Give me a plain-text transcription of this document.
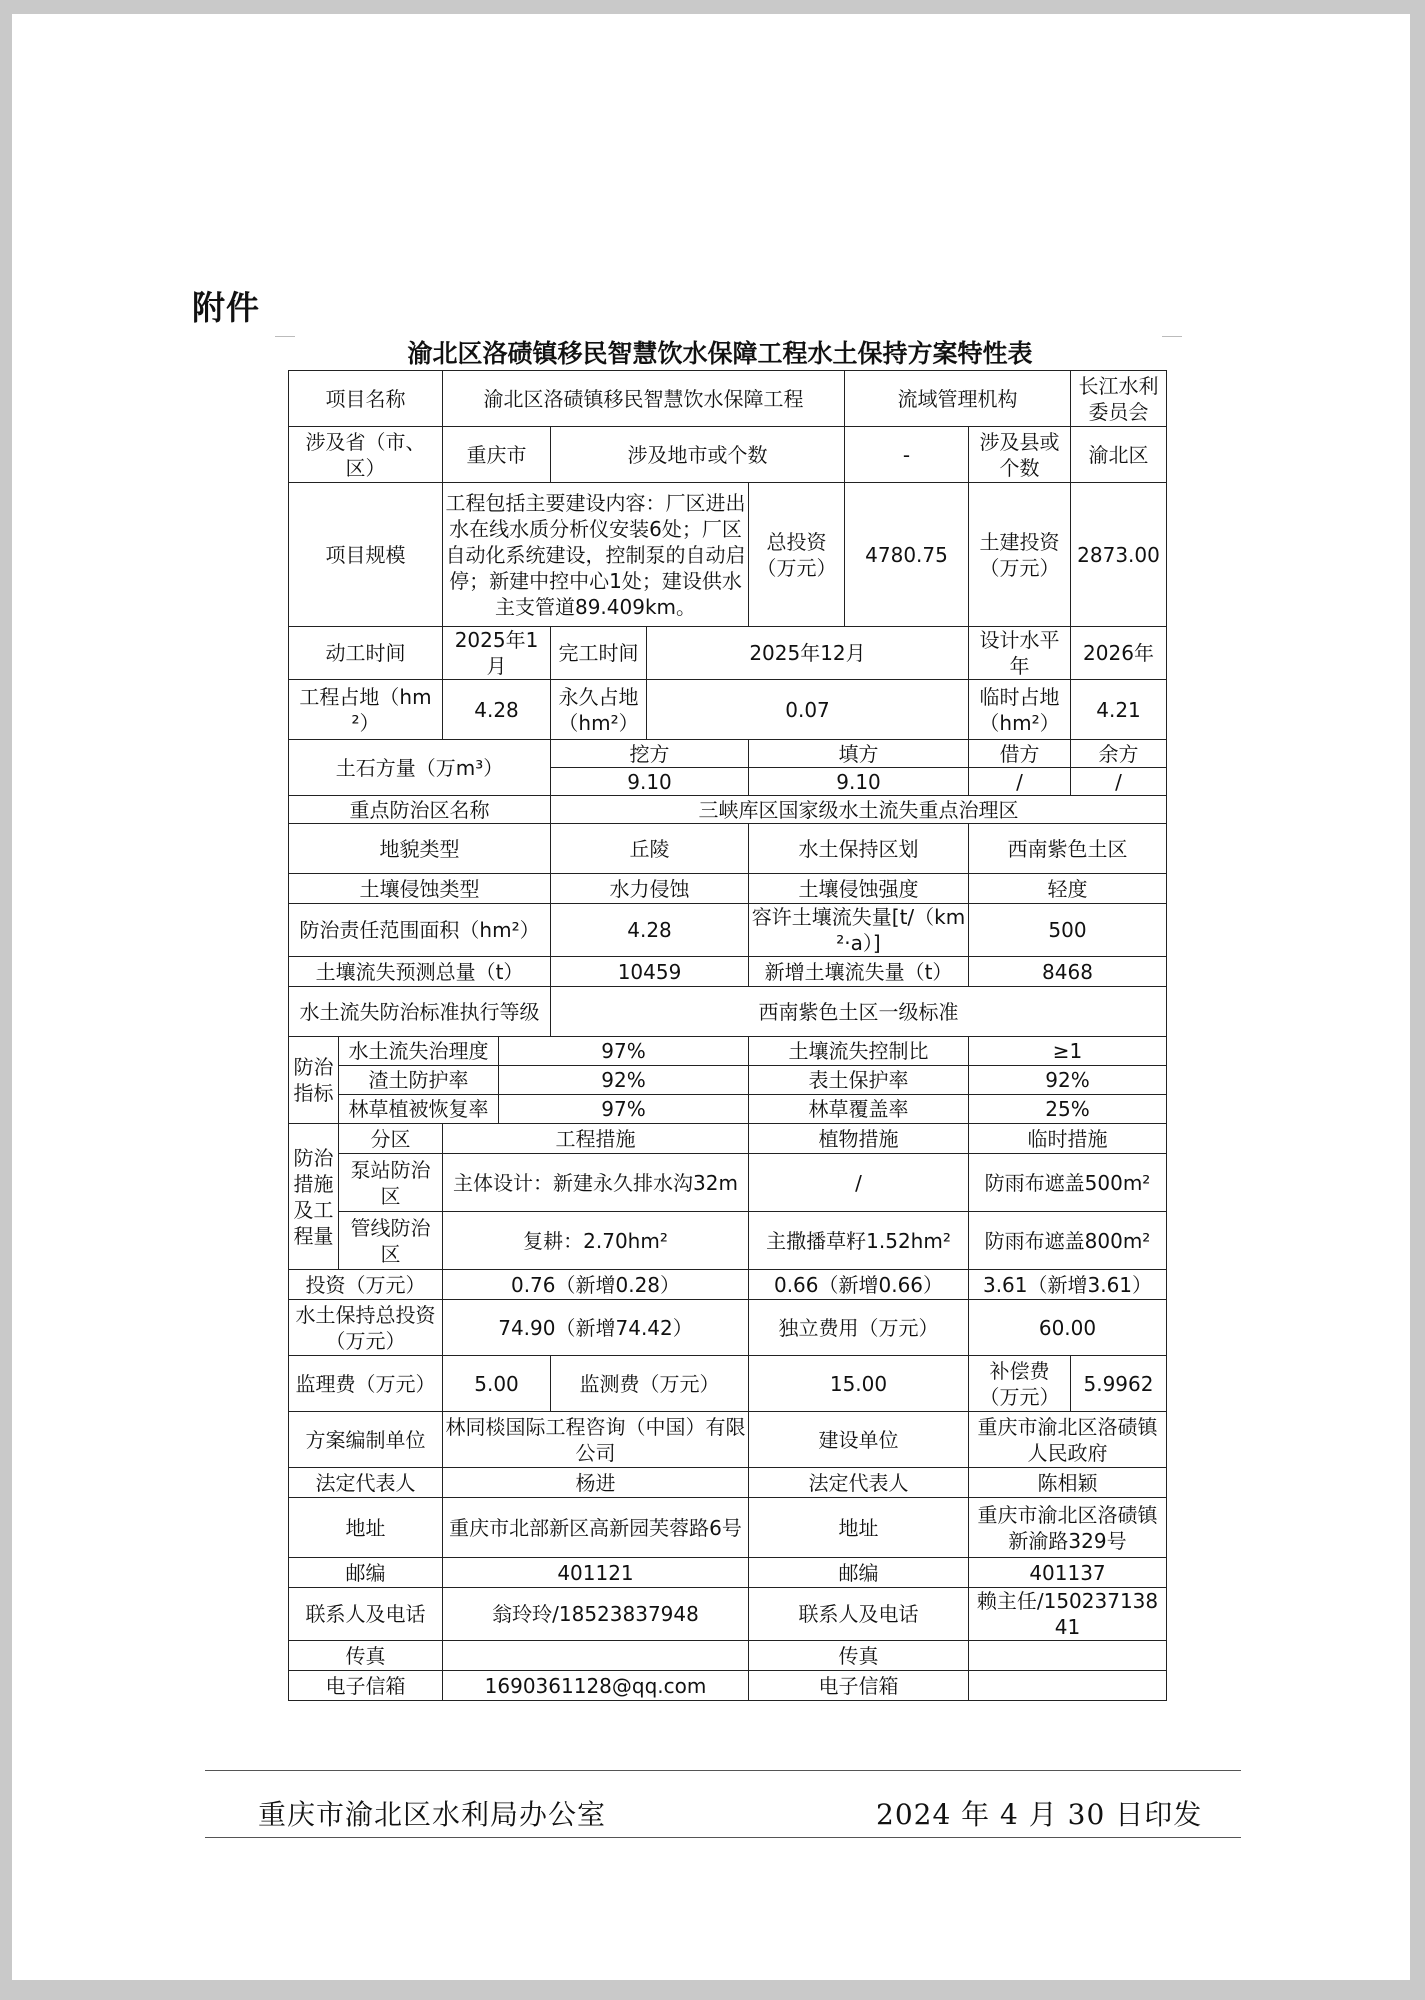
附件
渝北区洛碛镇移民智慧饮水保障工程水土保持方案特性表
项目名称		渝北区洛碛镇移民智慧饮水保障工程					流域管理机构		长江水利委员会
涉及省（市、区）		重庆市		涉及地市或个数			-	涉及县或个数	渝北区
项目规模		工程包括主要建设内容：厂区进出水在线水质分析仪安装6处；厂区自动化系统建设，控制泵的自动启停；新建中控中心1处；建设供水主支管道89.409km。				总投资（万元）	4780.75	土建投资（万元）	2873.00
动工时间		2025年1月		完工时间	2025年12月			设计水平年	2026年
工程占地（hm²）		4.28		永久占地（hm²）	0.07			临时占地（hm²）	4.21
土石方量（万m³）				挖方		填方		借方	余方
				9.10		9.10		/	/
重点防治区名称				三峡库区国家级水土流失重点治理区					
地貌类型				丘陵		水土保持区划		西南紫色土区	
土壤侵蚀类型				水力侵蚀		土壤侵蚀强度		轻度	
防治责任范围面积（hm²）				4.28		容许土壤流失量[t/（km²·a）]		500	
土壤流失预测总量（t）				10459		新增土壤流失量（t）		8468	
水土流失防治标准执行等级				西南紫色土区一级标准					
防治指标	水土流失治理度		97%			土壤流失控制比		≥1	
	渣土防护率		92%			表土保护率		92%	
	林草植被恢复率		97%			林草覆盖率		25%	
防治措施及工程量	分区	工程措施				植物措施		临时措施	
	泵站防治区	主体设计：新建永久排水沟32m				/		防雨布遮盖500m²	
	管线防治区	复耕：2.70hm²				主撒播草籽1.52hm²		防雨布遮盖800m²	
投资（万元）		0.76（新增0.28）				0.66（新增0.66）		3.61（新增3.61）	
水土保持总投资（万元）		74.90（新增74.42）				独立费用（万元）		60.00	
监理费（万元）		5.00		监测费（万元）		15.00		补偿费（万元）	5.9962
方案编制单位		林同棪国际工程咨询（中国）有限公司				建设单位		重庆市渝北区洛碛镇人民政府	
法定代表人		杨进				法定代表人		陈相颖	
地址		重庆市北部新区高新园芙蓉路6号				地址		重庆市渝北区洛碛镇新渝路329号	
邮编		401121				邮编		401137	
联系人及电话		翁玲玲/18523837948				联系人及电话		赖主任/15023713841	
传真						传真			
电子信箱		1690361128@qq.com				电子信箱			
重庆市渝北区水利局办公室	2024 年 4 月 30 日印发
